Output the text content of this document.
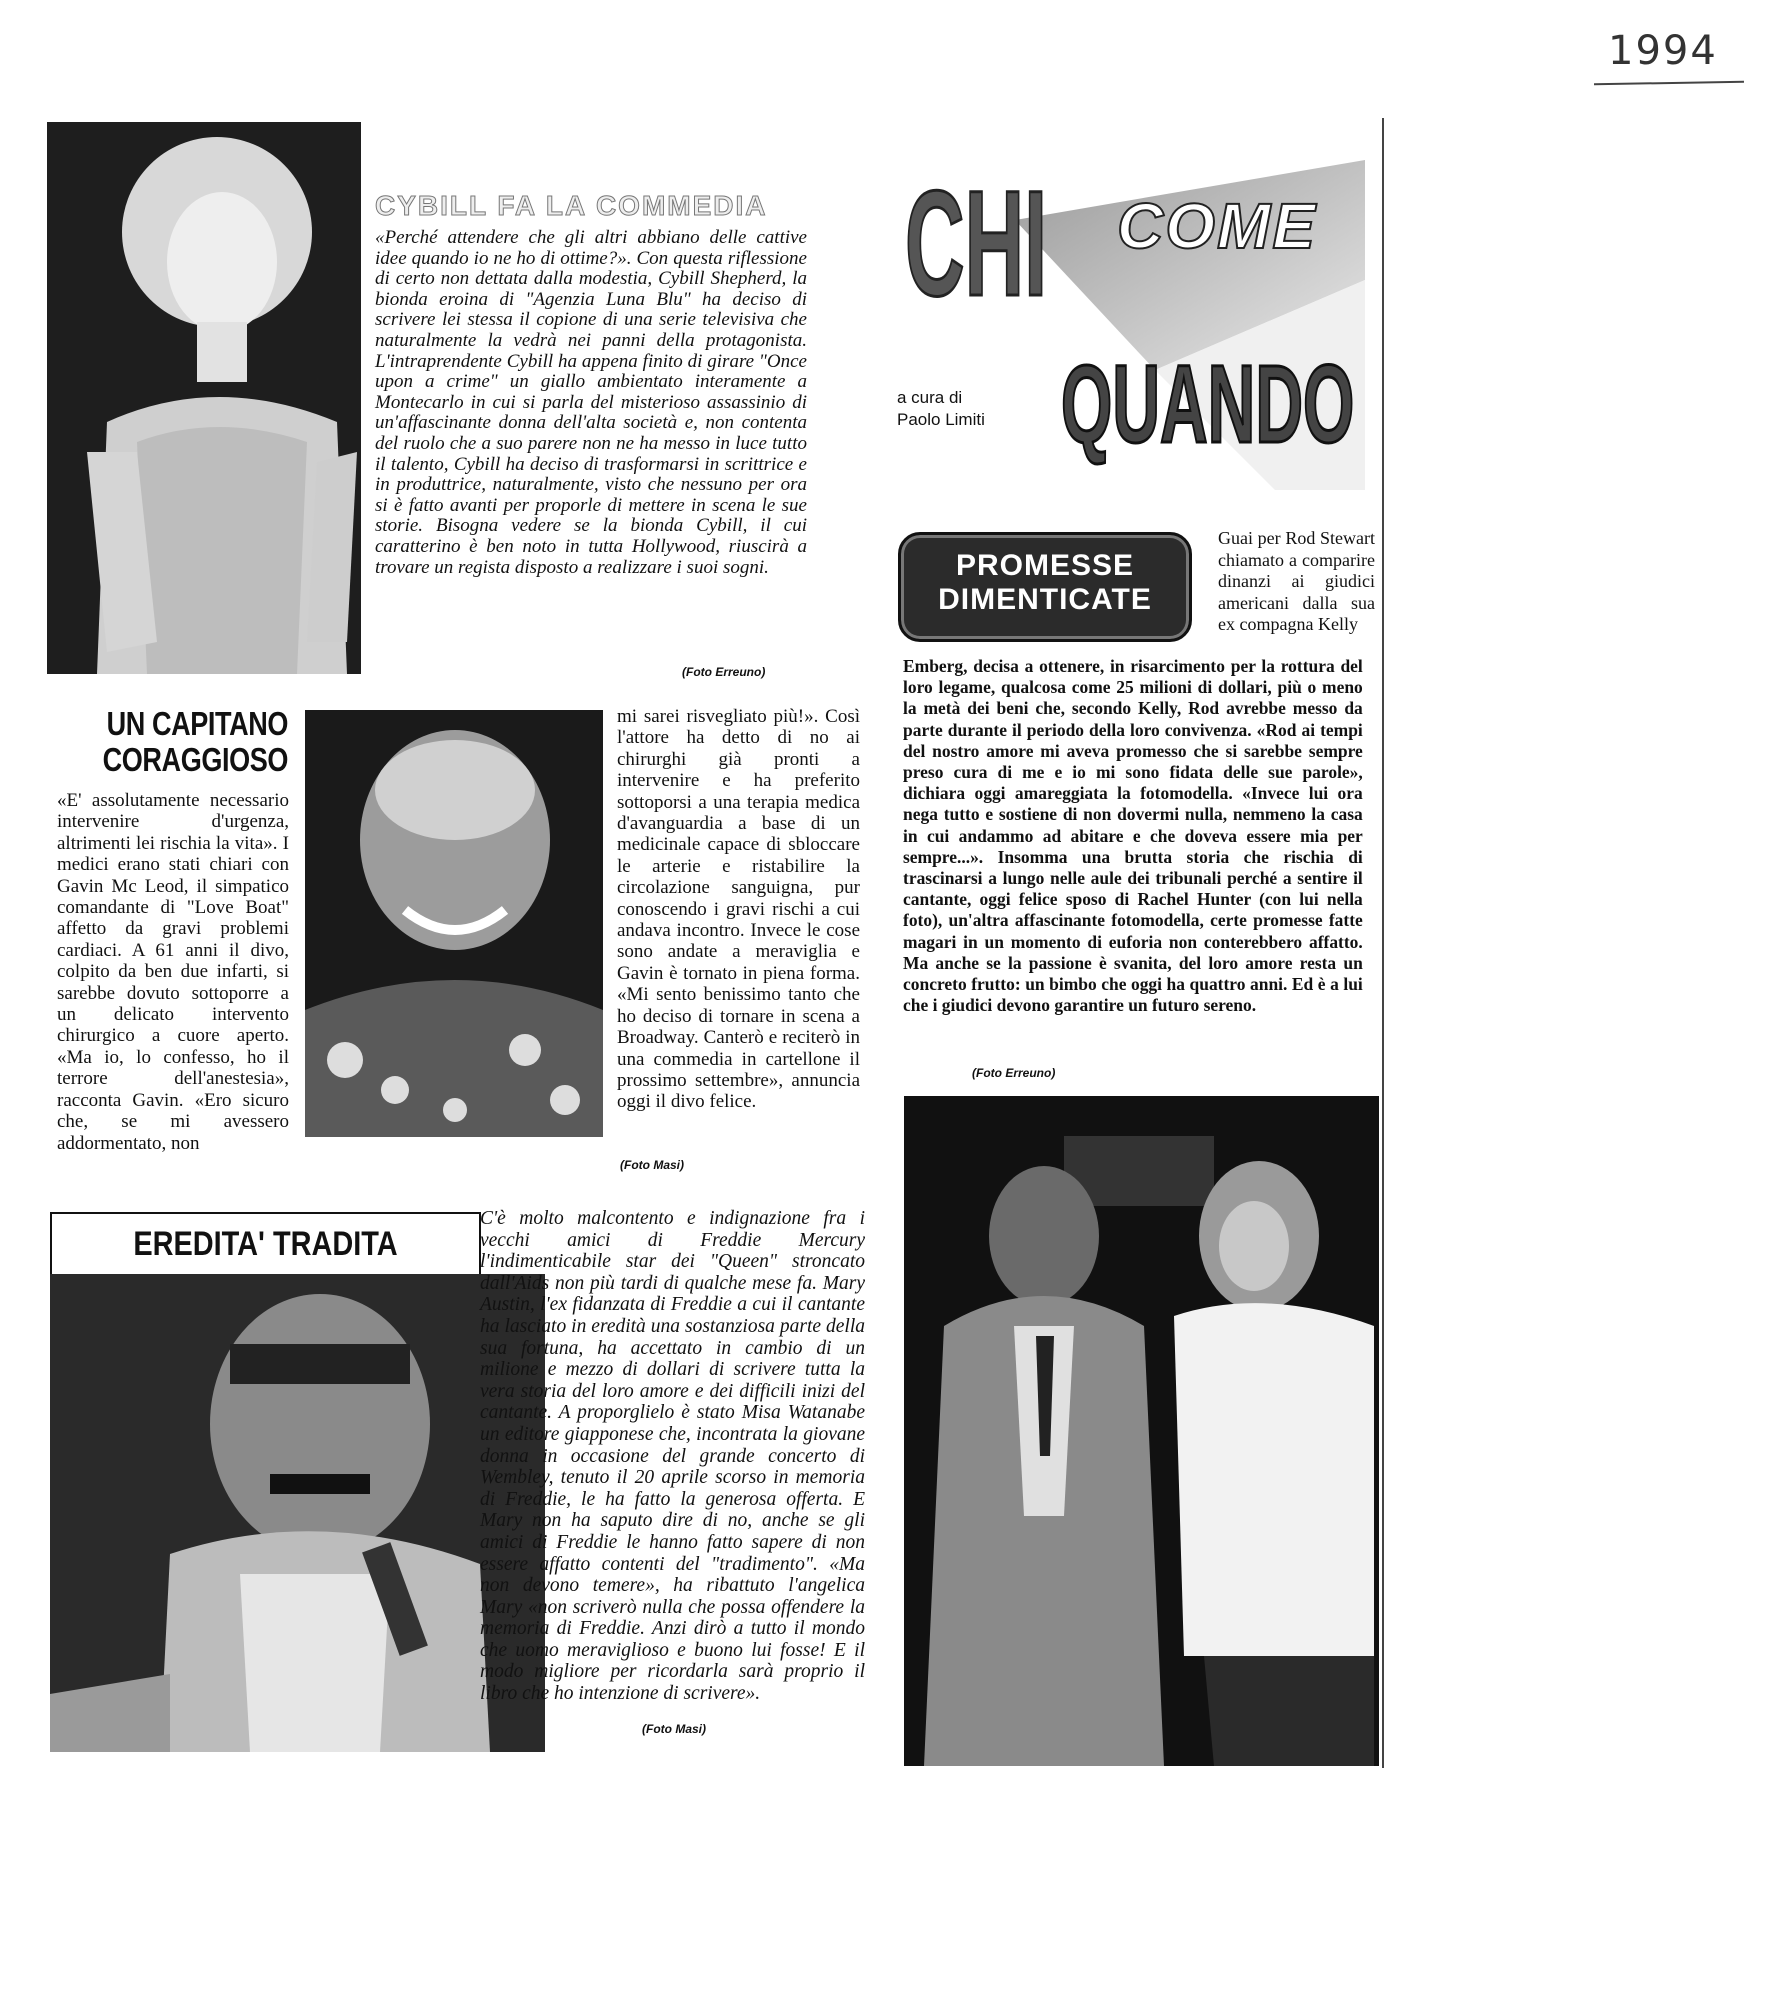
1994
CYBILL FA LA COMMEDIA
«Perché attendere che gli altri abbiano delle cattive idee quando io ne ho di ottime?». Con questa riflessione di certo non dettata dalla modestia, Cybill Shepherd, la bionda eroina di "Agenzia Luna Blu" ha deciso di scrivere lei stessa il copione di una serie televisiva che naturalmente la vedrà nei panni della protagonista. L'intraprendente Cybill ha appena finito di girare "Once upon a crime" un giallo ambientato interamente a Montecarlo in cui si parla del misterioso assassinio di un'affascinante donna dell'alta società e, non contenta del ruolo che a suo parere non ne ha messo in luce tutto il talento, Cybill ha deciso di trasformarsi in scrittrice e in produttrice, naturalmente, visto che nessuno per ora si è fatto avanti per proporle di mettere in scena le sue storie. Bisogna vedere se la bionda Cybill, il cui caratterino è ben noto in tutta Hollywood, riuscirà a trovare un regista disposto a realizzare i suoi sogni.
(Foto Erreuno)
CHI COME
QUANDO
a cura di
Paolo Limiti
PROMESSE
DIMENTICATE
Guai per Rod Stewart chiamato a comparire dinanzi ai giudici americani dalla sua ex compagna Kelly
Emberg, decisa a ottenere, in risarcimento per la rottura del loro legame, qualcosa come 25 milioni di dollari, più o meno la metà dei beni che, secondo Kelly, Rod avrebbe messo da parte durante il periodo della loro convivenza. «Rod ai tempi del nostro amore mi aveva promesso che si sarebbe sempre preso cura di me e io mi sono fidata delle sue parole», dichiara oggi amareggiata la fotomodella. «Invece lui ora nega tutto e sostiene di non dovermi nulla, nemmeno la casa in cui andammo ad abitare e che doveva essere mia per sempre...». Insomma una brutta storia che rischia di trascinarsi a lungo nelle aule dei tribunali perché a sentire il cantante, oggi felice sposo di Rachel Hunter (con lui nella foto), un'altra affascinante fotomodella, certe promesse fatte magari in un momento di euforia non conterebbero affatto. Ma anche se la passione è svanita, del loro amore resta un concreto frutto: un bimbo che oggi ha quattro anni. Ed è a lui che i giudici devono garantire un futuro sereno.
(Foto Erreuno)
UN CAPITANO
CORAGGIOSO
«E' assolutamente necessario intervenire d'urgenza, altrimenti lei rischia la vita». I medici erano stati chiari con Gavin Mc Leod, il simpatico comandante di "Love Boat" affetto da gravi problemi cardiaci. A 61 anni il divo, colpito da ben due infarti, si sarebbe dovuto sottoporre a un delicato intervento chirurgico a cuore aperto. «Ma io, lo confesso, ho il terrore dell'anestesia», racconta Gavin. «Ero sicuro che, se mi avessero addormentato, non
mi sarei risvegliato più!». Così l'attore ha detto di no ai chirurghi già pronti a intervenire e ha preferito sottoporsi a una terapia medica d'avanguardia a base di un medicinale capace di sbloccare le arterie e ristabilire la circolazione sanguigna, pur conoscendo i gravi rischi a cui andava incontro. Invece le cose sono andate a meraviglia e Gavin è tornato in piena forma. «Mi sento benissimo tanto che ho deciso di tornare in scena a Broadway. Canterò e reciterò in una commedia in cartellone il prossimo settembre», annuncia oggi il divo felice.
(Foto Masi)
EREDITA' TRADITA
C'è molto malcontento e indignazione fra i vecchi amici di Freddie Mercury l'indimenticabile star dei "Queen" stroncato dall'Aids non più tardi di qualche mese fa. Mary Austin, l'ex fidanzata di Freddie a cui il cantante ha lasciato in eredità una sostanziosa parte della sua fortuna, ha accettato in cambio di un milione e mezzo di dollari di scrivere tutta la vera storia del loro amore e dei difficili inizi del cantante. A proporglielo è stato Misa Watanabe un editore giapponese che, incontrata la giovane donna in occasione del grande concerto di Wembley, tenuto il 20 aprile scorso in memoria di Freddie, le ha fatto la generosa offerta. E Mary non ha saputo dire di no, anche se gli amici di Freddie le hanno fatto sapere di non essere affatto contenti del "tradimento". «Ma non devono temere», ha ribattuto l'angelica Mary «non scriverò nulla che possa offendere la memoria di Freddie. Anzi dirò a tutto il mondo che uomo meraviglioso e buono lui fosse! E il modo migliore per ricordarla sarà proprio il libro che ho intenzione di scrivere».
(Foto Masi)
